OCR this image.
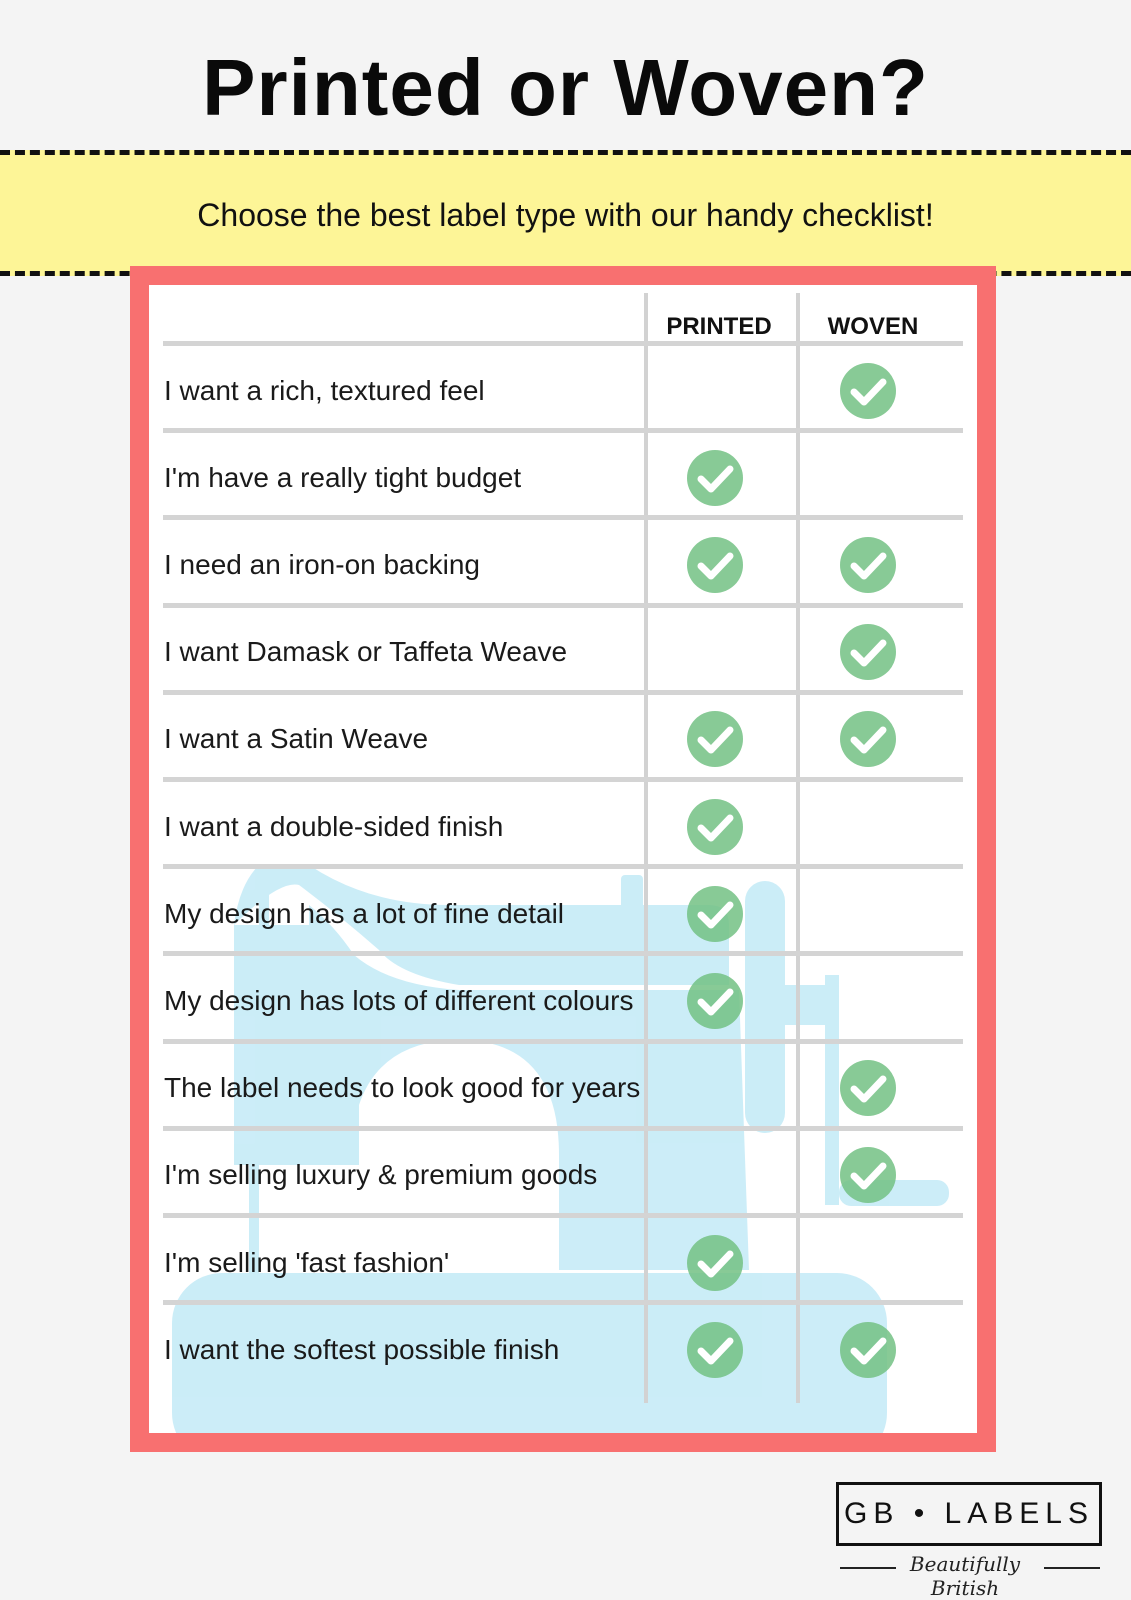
Printed or Woven?
Choose the best label type with our handy checklist!
PRINTED	WOVEN
I want a rich, textured feel
I'm have a really tight budget
I need an iron-on backing
I want Damask or Taffeta Weave
I want a Satin Weave
I want a double-sided finish
My design has a lot of fine detail
My design has lots of different colours
The label needs to look good for years
I'm selling luxury & premium goods
I'm selling 'fast fashion'
I want the softest possible finish
GB • LABELS
Beautifully British
